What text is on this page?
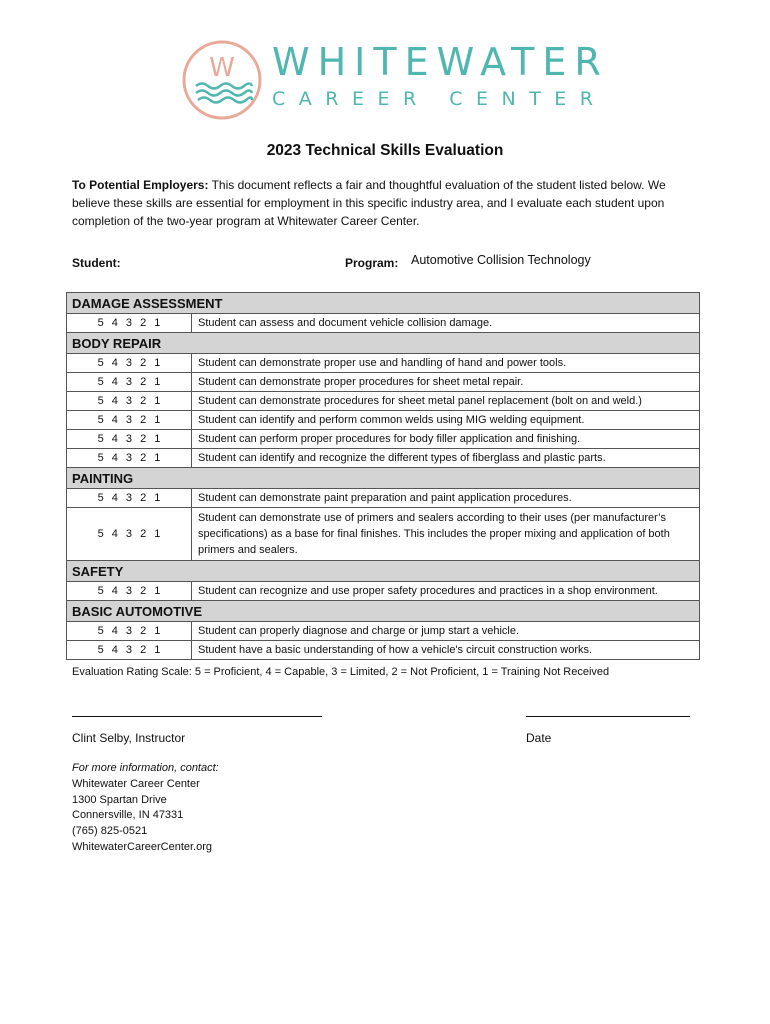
W WHITEWATER
CAREER CENTER
2023 Technical Skills Evaluation
To Potential Employers: This document reflects a fair and thoughtful evaluation of the student listed below. We believe these skills are essential for employment in this specific industry area, and I evaluate each student upon completion of the two-year program at Whitewater Career Center.
Student:	Program: Automotive Collision Technology
DAMAGE ASSESSMENT	
5 4 3 2 1	Student can assess and document vehicle collision damage.
BODY REPAIR	
5 4 3 2 1	Student can demonstrate proper use and handling of hand and power tools.
5 4 3 2 1	Student can demonstrate proper procedures for sheet metal repair.
5 4 3 2 1	Student can demonstrate procedures for sheet metal panel replacement (bolt on and weld.)
5 4 3 2 1	Student can identify and perform common welds using MIG welding equipment.
5 4 3 2 1	Student can perform proper procedures for body filler application and finishing.
5 4 3 2 1	Student can identify and recognize the different types of fiberglass and plastic parts.
PAINTING	
5 4 3 2 1	Student can demonstrate paint preparation and paint application procedures.
5 4 3 2 1	Student can demonstrate use of primers and sealers according to their uses (per manufacturer’s specifications) as a base for final finishes. This includes the proper mixing and application of both primers and sealers.
SAFETY	
5 4 3 2 1	Student can recognize and use proper safety procedures and practices in a shop environment.
BASIC AUTOMOTIVE	
5 4 3 2 1	Student can properly diagnose and charge or jump start a vehicle.
5 4 3 2 1	Student have a basic understanding of how a vehicle's circuit construction works.
Evaluation Rating Scale: 5 = Proficient, 4 = Capable, 3 = Limited, 2 = Not Proficient, 1 = Training Not Received
Clint Selby, Instructor	Date
For more information, contact:
Whitewater Career Center
1300 Spartan Drive
Connersville, IN 47331
(765) 825-0521
WhitewaterCareerCenter.org
